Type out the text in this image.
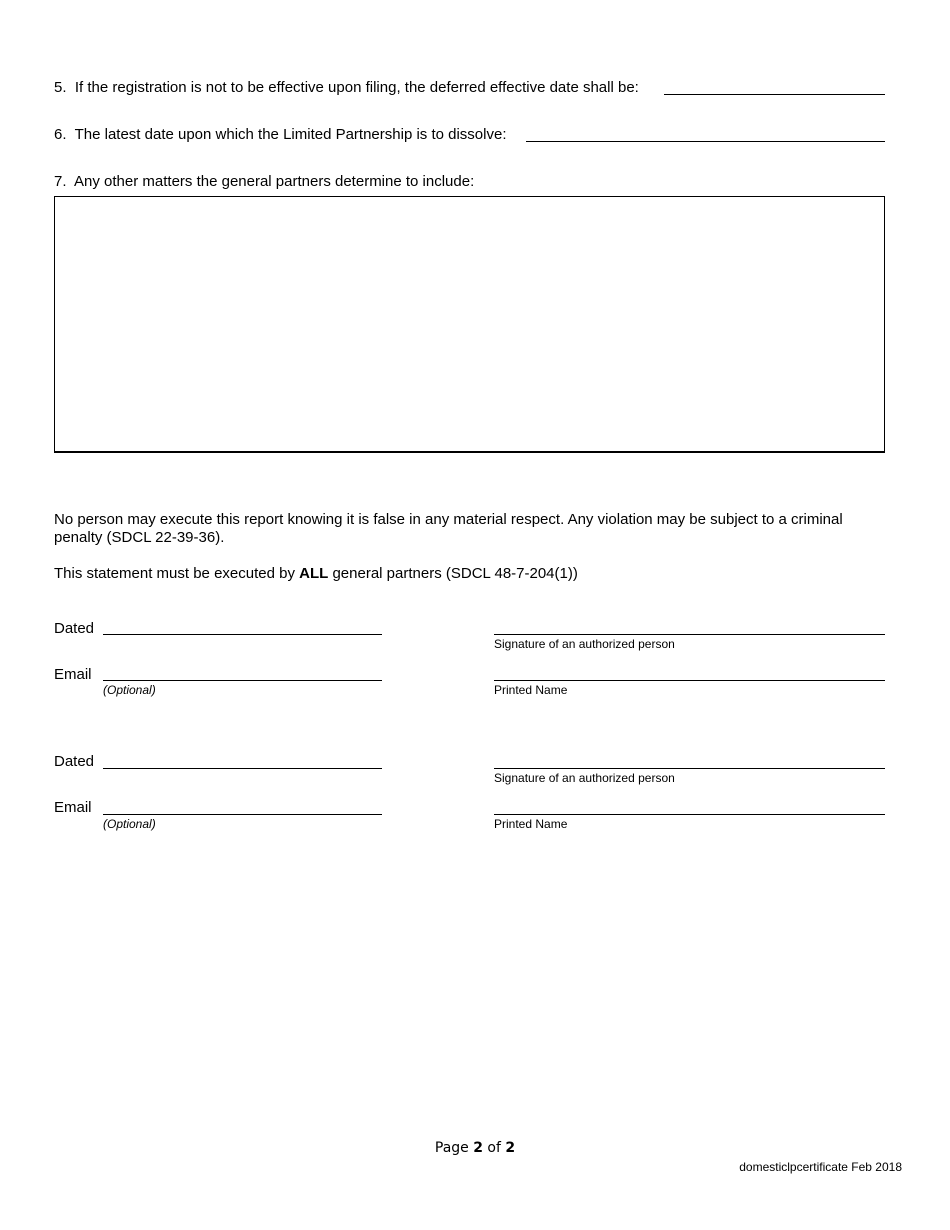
5. If the registration is not to be effective upon filing, the deferred effective date shall be:
6. The latest date upon which the Limited Partnership is to dissolve:
7. Any other matters the general partners determine to include:
No person may execute this report knowing it is false in any material respect. Any violation may be subject to a criminal penalty (SDCL 22-39-36).
This statement must be executed by ALL general partners (SDCL 48-7-204(1))
Dated
Signature of an authorized person
Email
(Optional)	Printed Name
Dated
Signature of an authorized person
Email
(Optional)	Printed Name
Page 2 of 2
domesticlpcertificate Feb 2018
